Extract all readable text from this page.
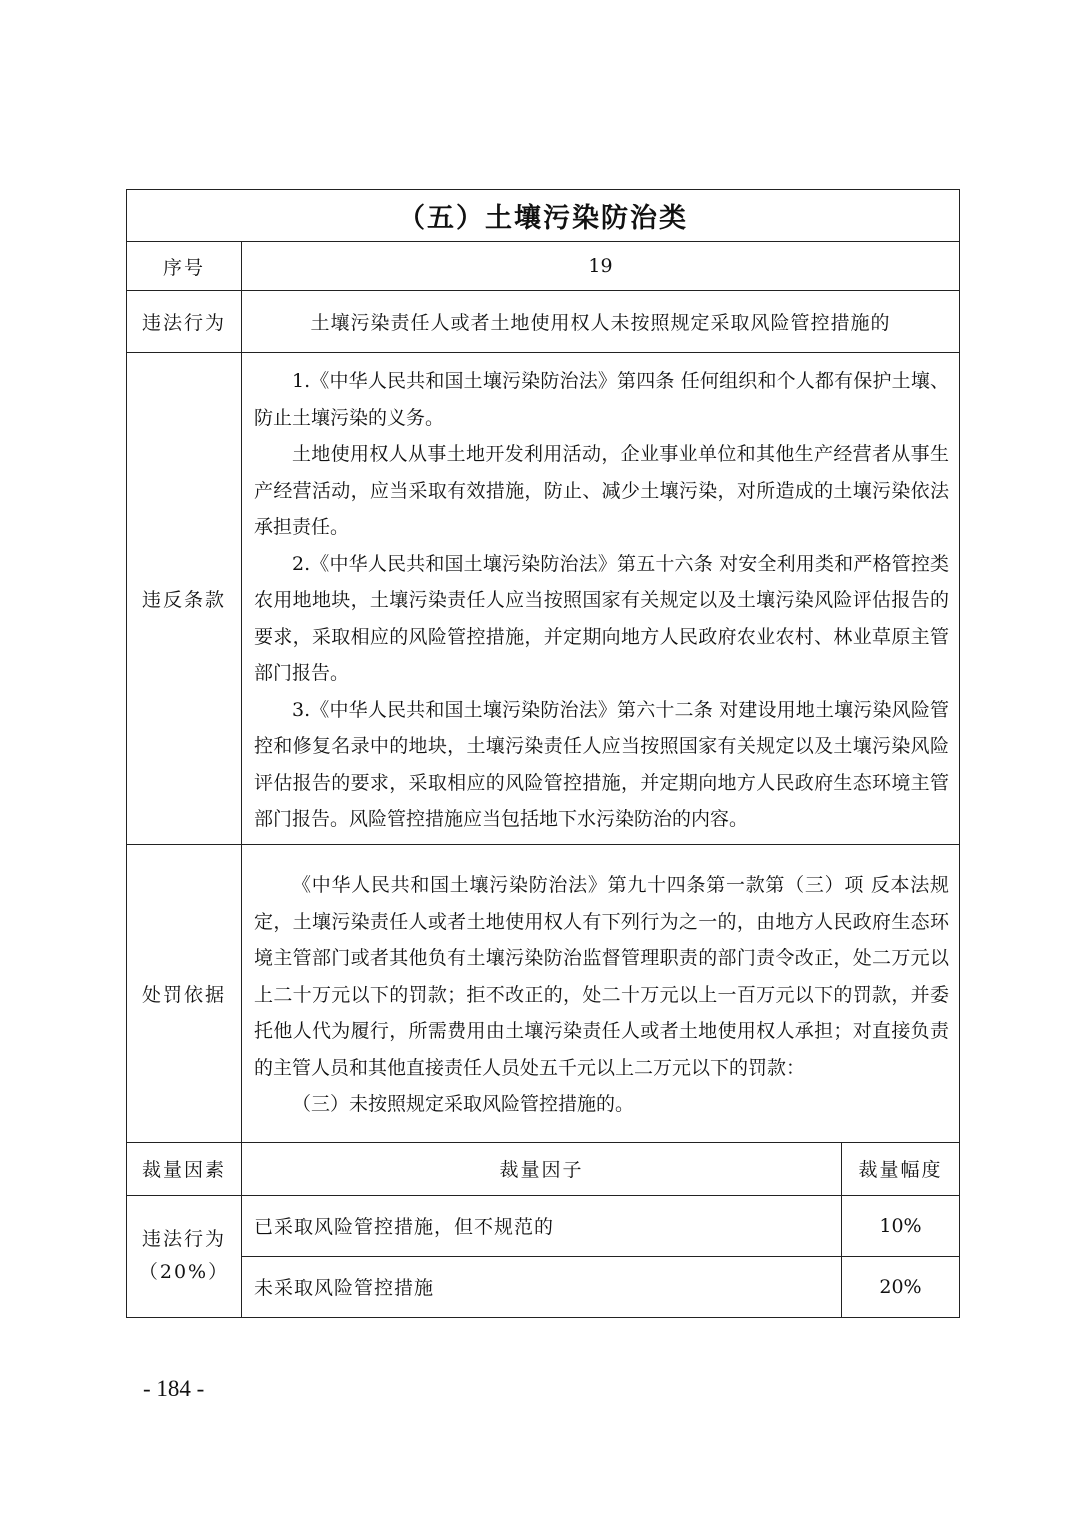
（五）土壤污染防治类		
序号	19	
违法行为	土壤污染责任人或者土地使用权人未按照规定采取风险管控措施的	
违反条款	1.《中华人民共和国土壤污染防治法》第四条 任何组织和个人都有保护土壤、防止土壤污染的义务。

土地使用权人从事土地开发利用活动，企业事业单位和其他生产经营者从事生产经营活动，应当采取有效措施，防止、减少土壤污染，对所造成的土壤污染依法承担责任。

2.《中华人民共和国土壤污染防治法》第五十六条 对安全利用类和严格管控类农用地地块，土壤污染责任人应当按照国家有关规定以及土壤污染风险评估报告的要求，采取相应的风险管控措施，并定期向地方人民政府农业农村、林业草原主管部门报告。

3.《中华人民共和国土壤污染防治法》第六十二条 对建设用地土壤污染风险管控和修复名录中的地块，土壤污染责任人应当按照国家有关规定以及土壤污染风险评估报告的要求，采取相应的风险管控措施，并定期向地方人民政府生态环境主管部门报告。风险管控措施应当包括地下水污染防治的内容。	

处罚依据	《中华人民共和国土壤污染防治法》第九十四条第一款第（三）项 反本法规定，土壤污染责任人或者土地使用权人有下列行为之一的，由地方人民政府生态环境主管部门或者其他负有土壤污染防治监督管理职责的部门责令改正，处二万元以上二十万元以下的罚款；拒不改正的，处二十万元以上一百万元以下的罚款，并委托他人代为履行，所需费用由土壤污染责任人或者土地使用权人承担；对直接负责的主管人员和其他直接责任人员处五千元以上二万元以下的罚款：

（三）未按照规定采取风险管控措施的。	

裁量因素	裁量因子	裁量幅度

违法行为
（20%）	已采取风险管控措施，但不规范的	10%
	未采取风险管控措施	20%
- 184 -
